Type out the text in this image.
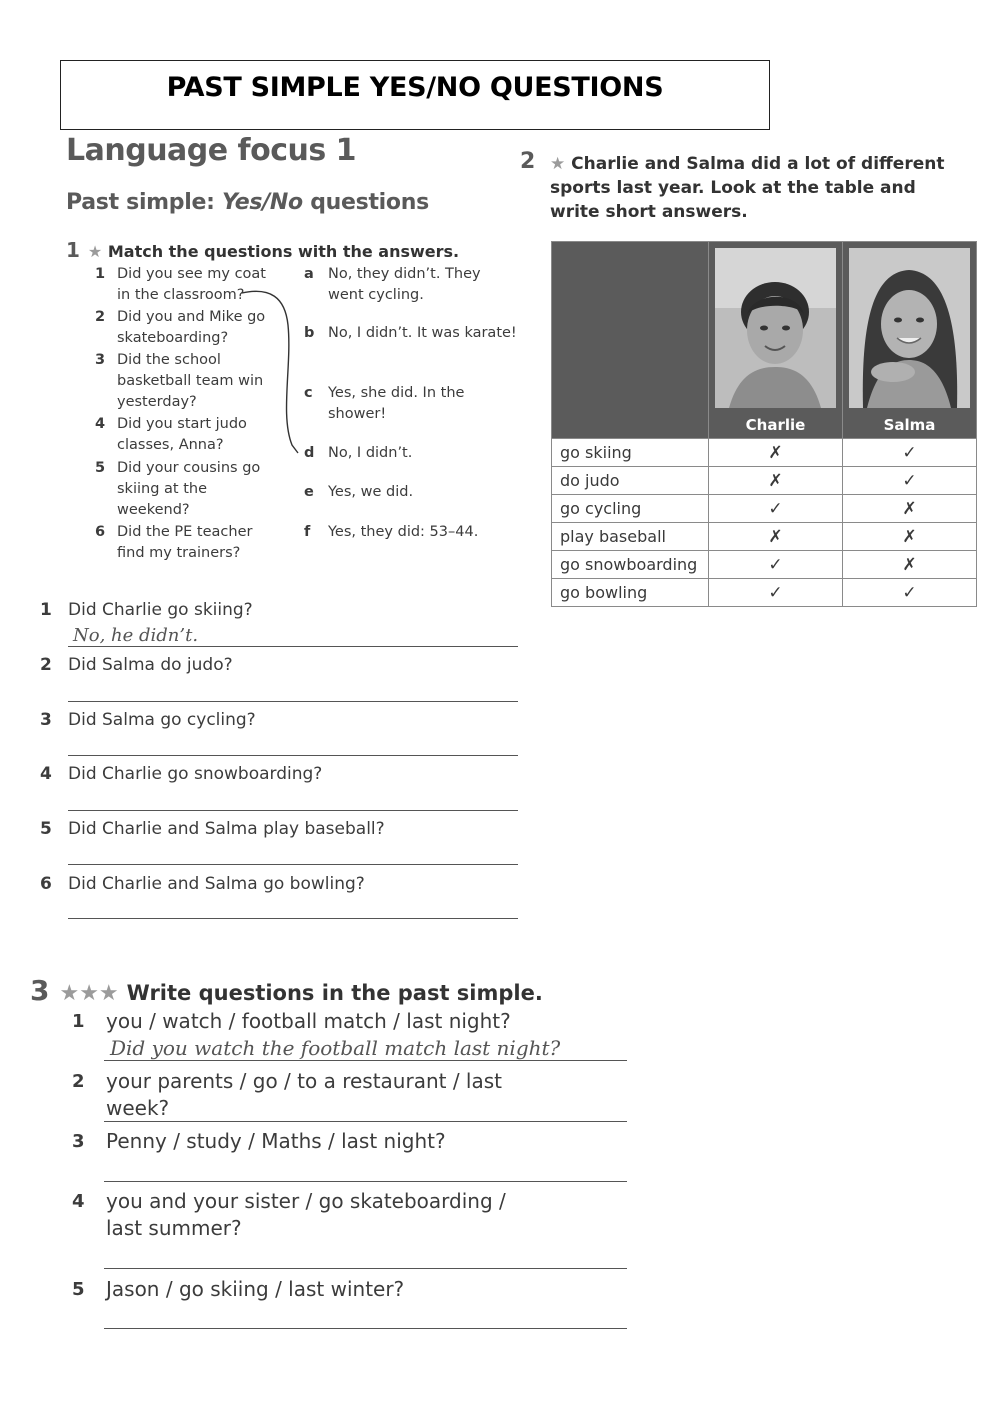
PAST SIMPLE YES/NO QUESTIONS
Language focus 1
Past simple: Yes/No questions
1 ★ Match the questions with the answers.
1 Did you see my coat in the classroom?
2 Did you and Mike go skateboarding?
3 Did the school basketball team win yesterday?
4 Did you start judo classes, Anna?
5 Did your cousins go skiing at the weekend?
6 Did the PE teacher find my trainers?
a No, they didn’t. They went cycling.
b No, I didn’t. It was karate!
c Yes, she did. In the shower!
d No, I didn’t.
e Yes, we did.
f Yes, they did: 53–44.
2 ★ Charlie and Salma did a lot of different sports last year. Look at the table and write short answers.

	Charlie	Salma

go skiing	✗	✓
do judo	✗	✓
go cycling	✓	✗
play baseball	✗	✗
go snowboarding	✓	✗
go bowling	✓	✓
1 Did Charlie go skiing?
No, he didn’t.
2 Did Salma do judo?
3 Did Salma go cycling?
4 Did Charlie go snowboarding?
5 Did Charlie and Salma play baseball?
6 Did Charlie and Salma go bowling?
3 ★★★ Write questions in the past simple.
1 you / watch / football match / last night?
Did you watch the football match last night?
2 your parents / go / to a restaurant / last week?
3 Penny / study / Maths / last night?
4 you and your sister / go skateboarding / last summer?
5 Jason / go skiing / last winter?
